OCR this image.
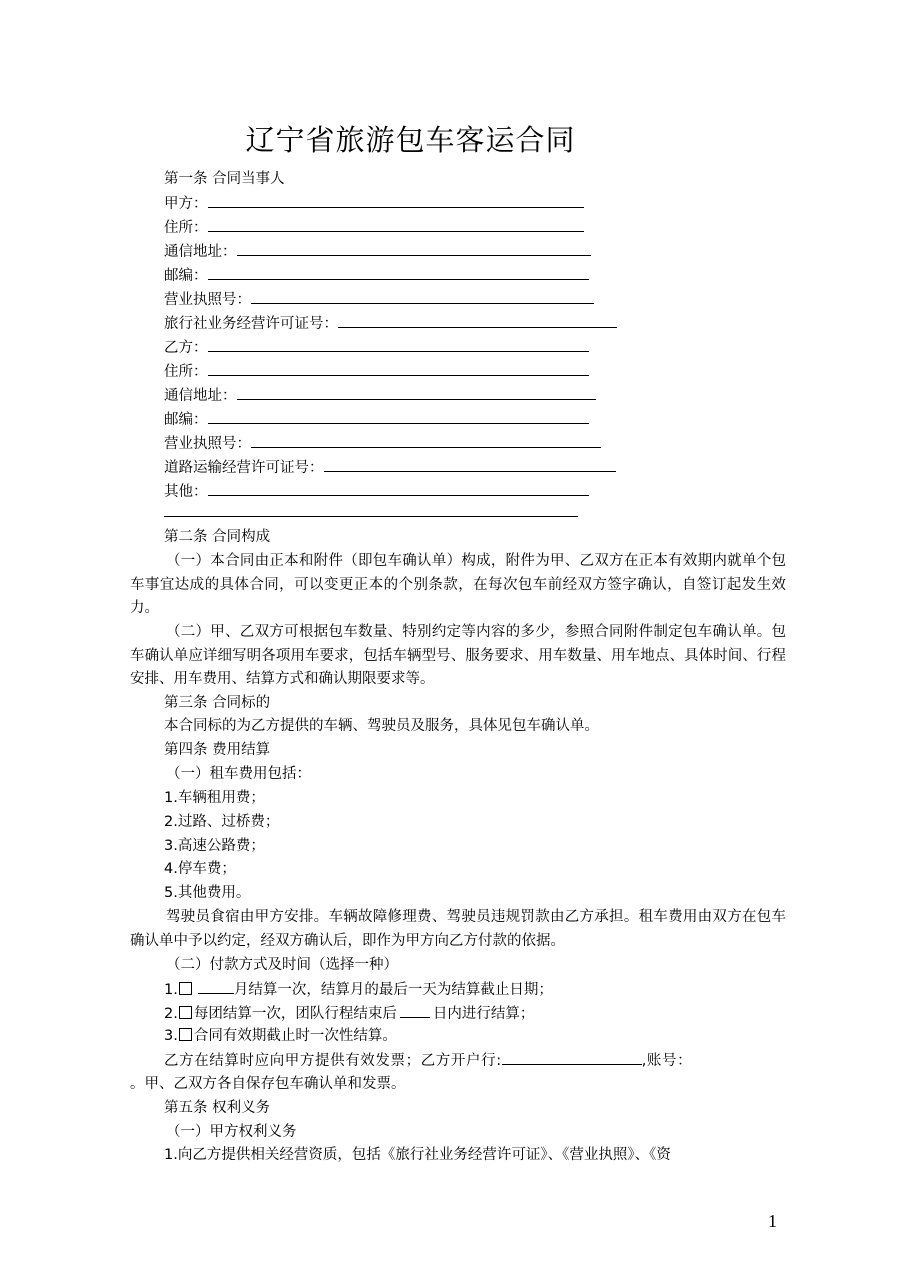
辽宁省旅游包车客运合同
第一条 合同当事人
甲方：
住所：
通信地址：
邮编：
营业执照号：
旅行社业务经营许可证号：
乙方：
住所：
通信地址：
邮编：
营业执照号：
道路运输经营许可证号：
其他：
第二条 合同构成
（一）本合同由正本和附件（即包车确认单）构成，附件为甲、乙双方在正本有效期内就单个包车事宜达成的具体合同，可以变更正本的个别条款，在每次包车前经双方签字确认，自签订起发生效力。
（二）甲、乙双方可根据包车数量、特别约定等内容的多少，参照合同附件制定包车确认单。包车确认单应详细写明各项用车要求，包括车辆型号、服务要求、用车数量、用车地点、具体时间、行程安排、用车费用、结算方式和确认期限要求等。
第三条 合同标的
本合同标的为乙方提供的车辆、驾驶员及服务，具体见包车确认单。
第四条 费用结算
（一）租车费用包括：
1.车辆租用费；
2.过路、过桥费；
3.高速公路费；
4.停车费；
5.其他费用。
驾驶员食宿由甲方安排。车辆故障修理费、驾驶员违规罚款由乙方承担。租车费用由双方在包车确认单中予以约定，经双方确认后，即作为甲方向乙方付款的依据。
（二）付款方式及时间（选择一种）
1.	月结算一次，结算月的最后一天为结算截止日期；
2. 每团结算一次，团队行程结束后 日内进行结算；
3. 合同有效期截止时一次性结算。
乙方在结算时应向甲方提供有效发票；乙方开户行:	,账号：
。甲、乙双方各自保存包车确认单和发票。
第五条 权利义务
（一）甲方权利义务
1.向乙方提供相关经营资质，包括《旅行社业务经营许可证》、《营业执照》、《资
1
